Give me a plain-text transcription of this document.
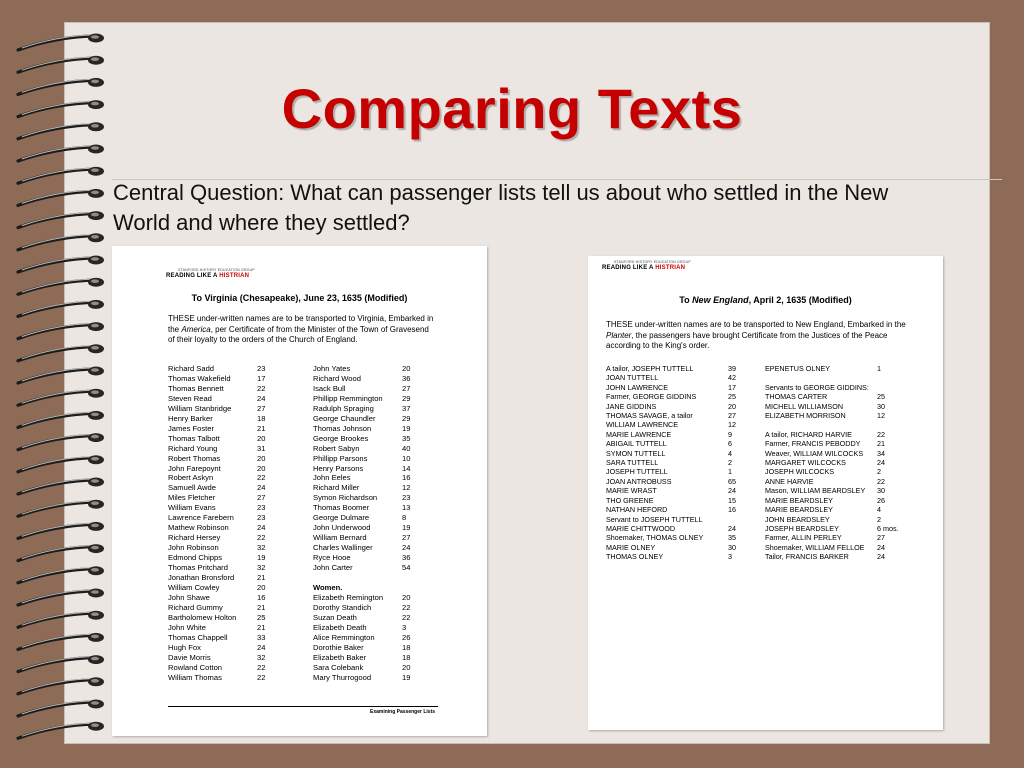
Comparing Texts
Central Question: What can passenger lists tell us about who settled in the New World and where they settled?
STANFORD HISTORY EDUCATION GROUP
READING LIKE A HISTRIAN
To Virginia (Chesapeake), June 23, 1635 (Modified)
THESE under-written names are to be transported to Virginia, Embarked in the America, per Certificate of from the Minister of the Town of Gravesend of their loyalty to the orders of the Church of England.
Richard Sadd	23
Thomas Wakefield	17
Thomas Bennett	22
Steven Read	24
William Stanbridge	27
Henry Barker	18
James Foster	21
Thomas Talbott	20
Richard Young	31
Robert Thomas	20
John Farepoynt	20
Robert Askyn	22
Samuell Awde	24
Miles Fletcher	27
William Evans	23
Lawrence Farebern	23
Mathew Robinson	24
Richard Hersey	22
John Robinson	32
Edmond Chipps	19
Thomas Pritchard	32
Jonathan Bronsford	21
William Cowley	20
John Shawe	16
Richard Gummy	21
Bartholomew Holton	25
John White	21
Thomas Chappell	33
Hugh Fox	24
Davie Morris	32
Rowland Cotton	22
William Thomas	22
John Yates	20
Richard Wood	36
Isack Bull	27
Phillipp Remmington	29
Radulph Spraging	37
George Chaundler	29
Thomas Johnson	19
George Brookes	35
Robert Sabyn	40
Phillipp Parsons	10
Henry Parsons	14
John Eeles	16
Richard Miller	12
Symon Richardson	23
Thomas Boomer	13
George Dulmare	8
John Underwood	19
William Bernard	27
Charles Wallinger	24
Ryce Hooe	36
John Carter	54

Women.
Elizabeth Remington	20
Dorothy Standich	22
Suzan Death	22
Elizabeth Death	3
Alice Remmington	26
Dorothie Baker	18
Elizabeth Baker	18
Sara Colebank	20
Mary Thurrogood	19
Examining Passenger Lists
STANFORD HISTORY EDUCATION GROUP
READING LIKE A HISTRIAN
To New England, April 2, 1635 (Modified)
THESE under-written names are to be transported to New England, Embarked in the Planter, the passengers have brought Certificate from the Justices of the Peace according to the King's order.
A tailor, JOSEPH TUTTELL	39
JOAN TUTTELL	42
JOHN LAWRENCE	17
Farmer, GEORGE GIDDINS	25
JANE GIDDINS	20
THOMAS SAVAGE, a tailor	27
WILLIAM LAWRENCE	12
MARIE LAWRENCE	9
ABIGAIL TUTTELL	6
SYMON TUTTELL	4
SARA TUTTELL	2
JOSEPH TUTTELL	1
JOAN ANTROBUSS	65
MARIE WRAST	24
THO GREENE	15
NATHAN HEFORD	16
Servant to JOSEPH TUTTELL
MARIE CHITTWOOD	24
Shoemaker, THOMAS OLNEY	35
MARIE OLNEY	30
THOMAS OLNEY	3
EPENETUS OLNEY	1

Servants to GEORGE GIDDINS:
THOMAS CARTER	25
MICHELL WILLIAMSON	30
ELIZABETH MORRISON	12

A tailor, RICHARD HARVIE	22
Farmer, FRANCIS PEBODDY	21
Weaver, WILLIAM WILCOCKS	34
MARGARET WILCOCKS	24
JOSEPH WILCOCKS	2
ANNE HARVIE	22
Mason, WILLIAM BEARDSLEY	30
MARIE BEARDSLEY	26
MARIE BEARDSLEY	4
JOHN BEARDSLEY	2
JOSEPH BEARDSLEY	6 mos.
Farmer, ALLIN PERLEY	27
Shoemaker, WILLIAM FELLOE	24
Tailor, FRANCIS BARKER	24
